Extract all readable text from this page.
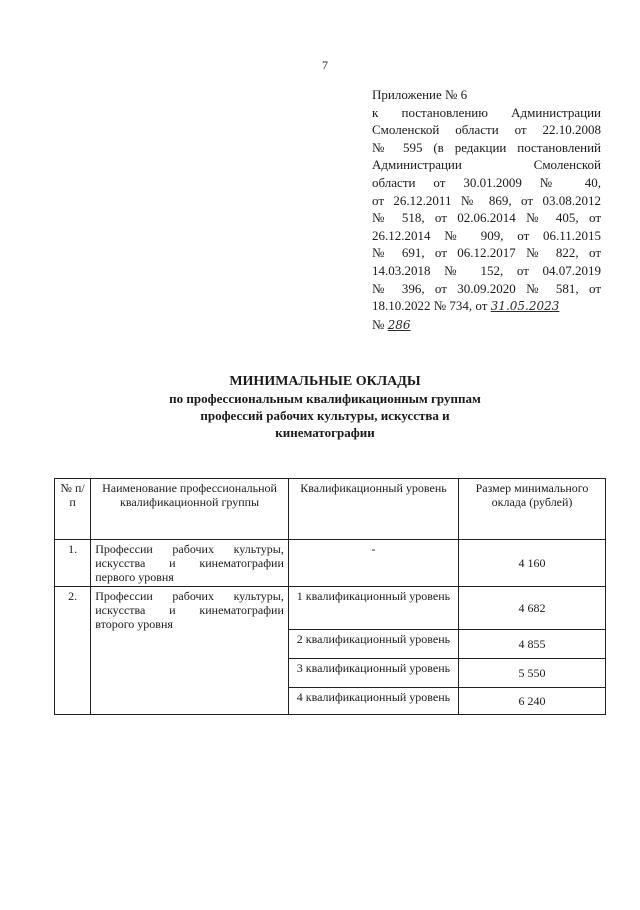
7
Приложение № 6
к постановлению Администрации
Смоленской области от 22.10.2008
№ 595 (в редакции постановлений
Администрации Смоленской
области от 30.01.2009 № 40,
от 26.12.2011 № 869, от 03.08.2012
№ 518, от 02.06.2014 № 405, от
26.12.2014 № 909, от 06.11.2015
№ 691, от 06.12.2017 № 822, от
14.03.2018 № 152, от 04.07.2019
№ 396, от 30.09.2020 № 581, от
18.10.2022 № 734, от 31.05.2023
№ 286
МИНИМАЛЬНЫЕ ОКЛАДЫ
по профессиональным квалификационным группам
профессий рабочих культуры, искусства и
кинематографии
№ п/п	Наименование профессиональной квалификационной группы	Квалификационный уровень	Размер минимального оклада (рублей)
1.	Профессии рабочих культуры, искусства и кинематографии первого уровня	-	4 160
2.	Профессии рабочих культуры, искусства и кинематографии второго уровня	1 квалификационный уровень	4 682
		2 квалификационный уровень	4 855
		3 квалификационный уровень	5 550
		4 квалификационный уровень	6 240
